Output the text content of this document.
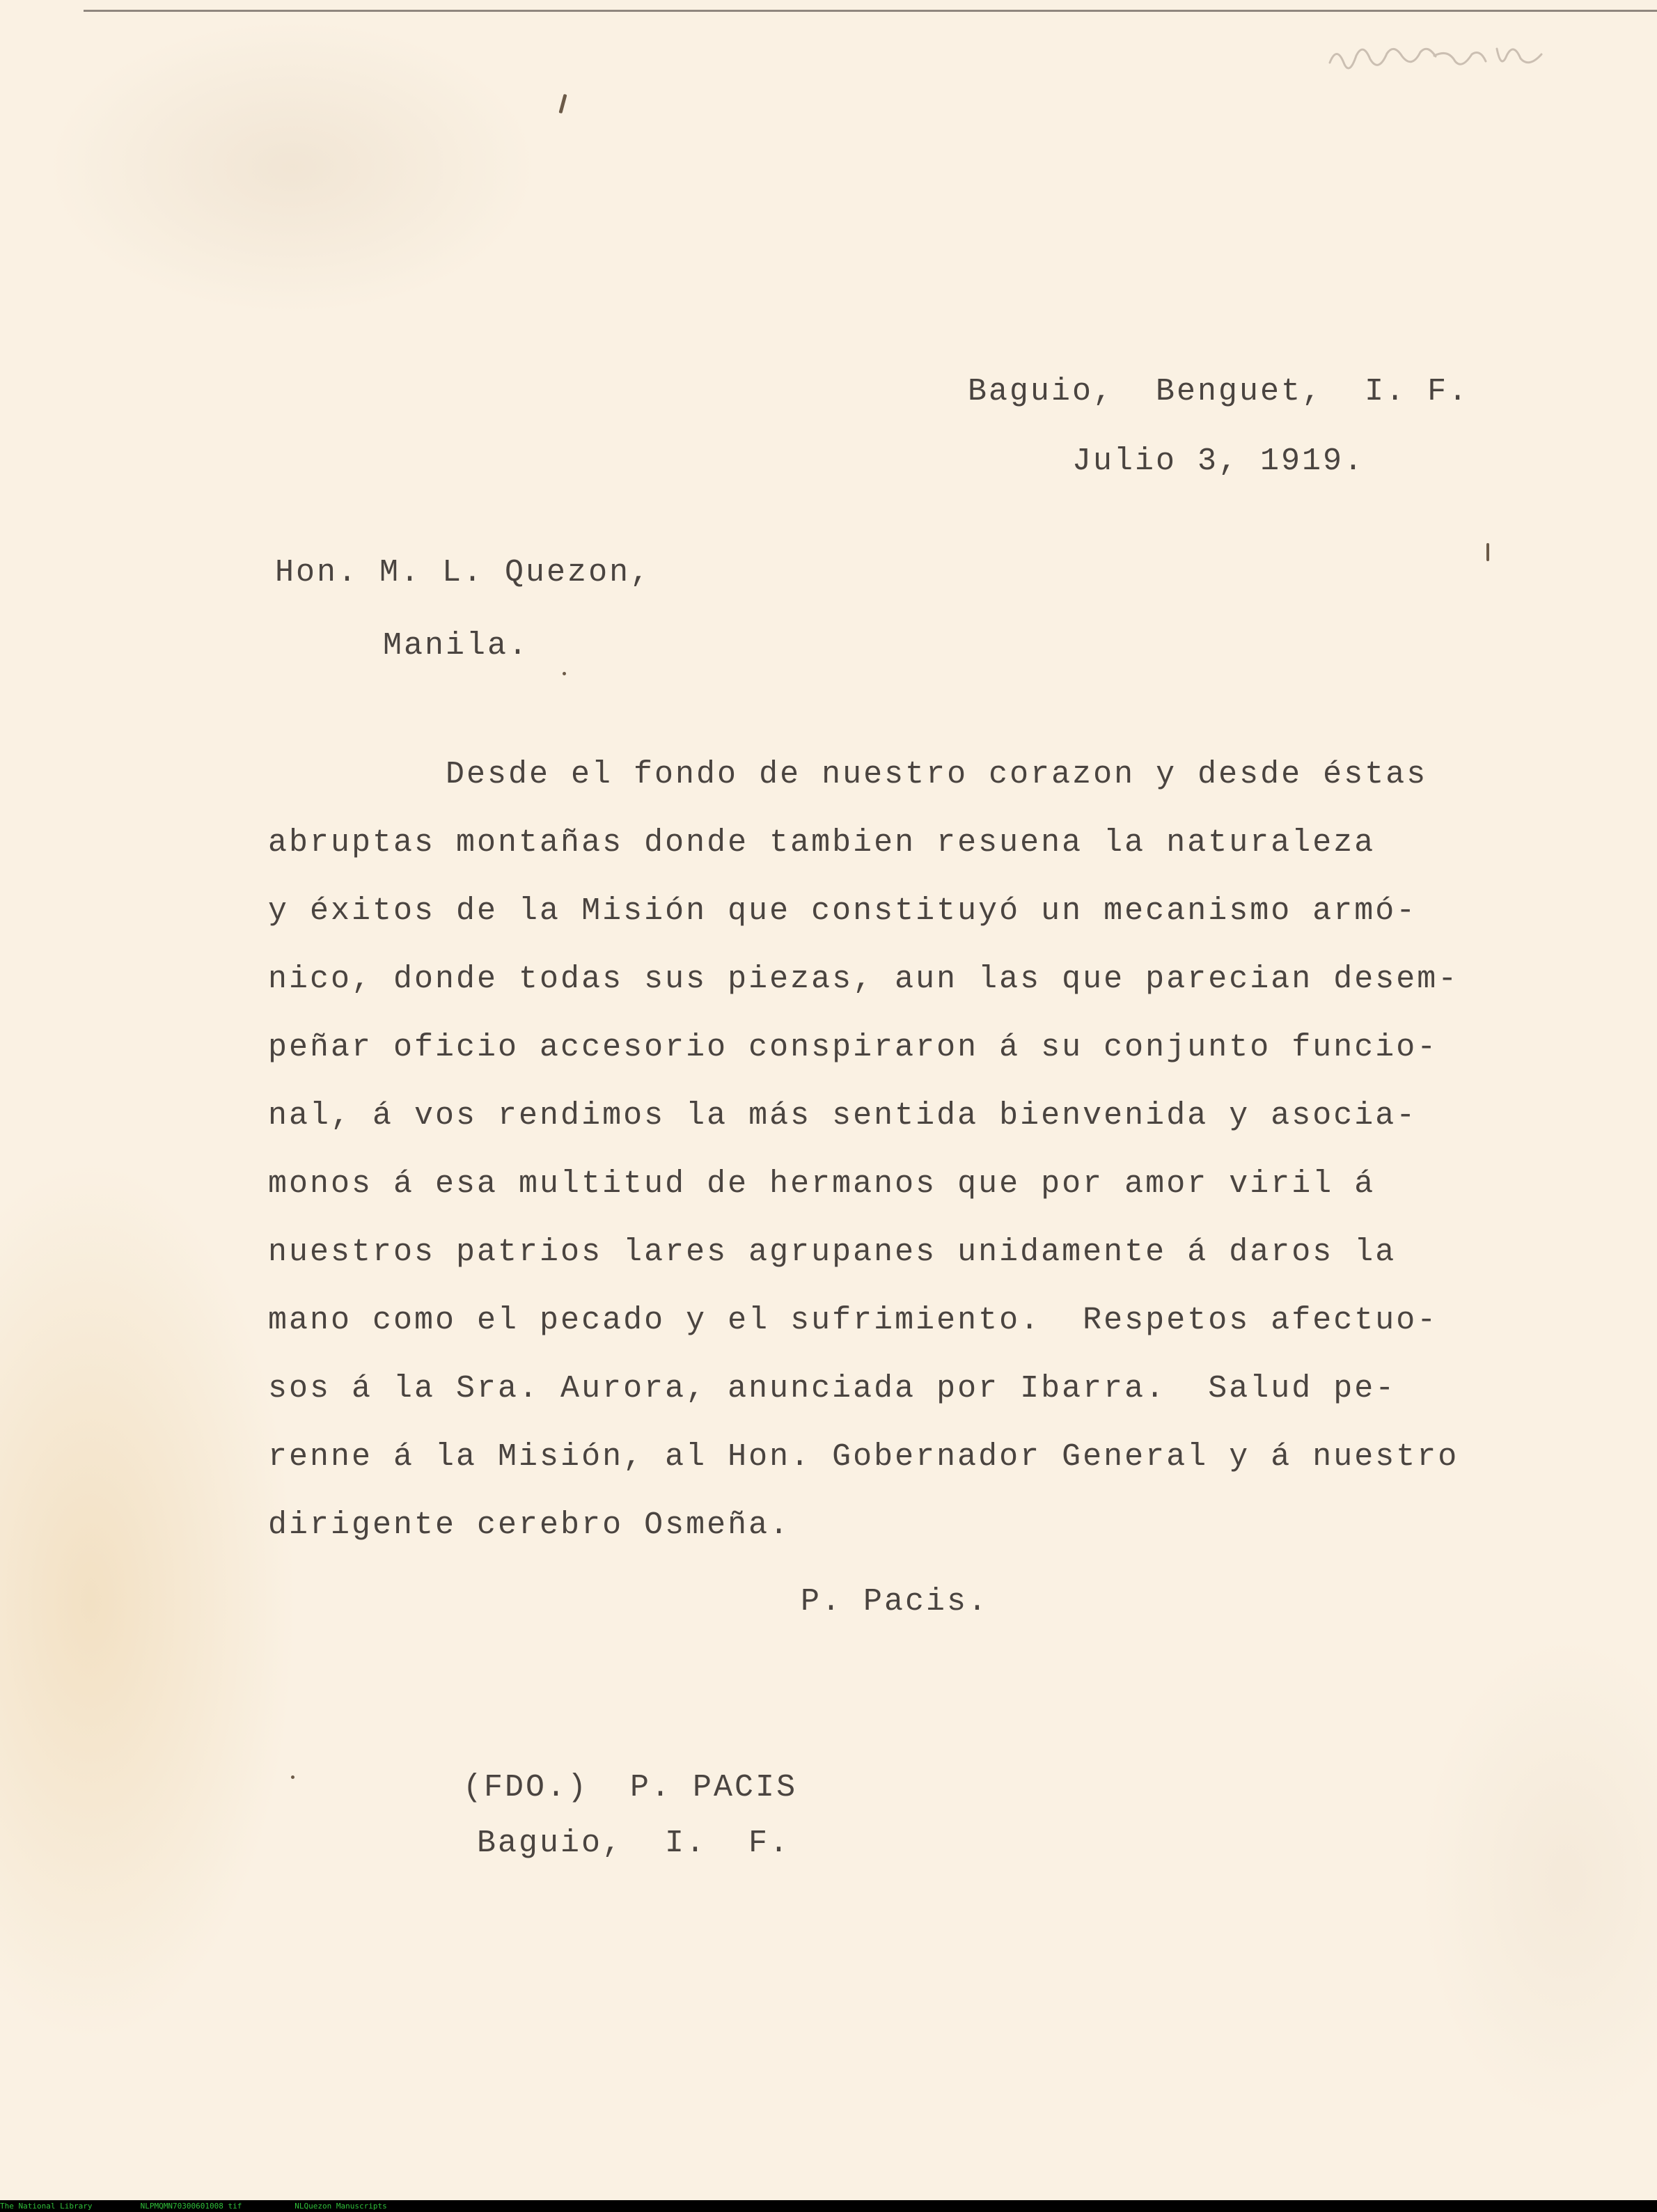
Baguio,  Benguet,  I. F.
Julio 3, 1919.
Hon. M. L. Quezon,
Manila.
Desde el fondo de nuestro corazon y desde éstas
abruptas montañas donde tambien resuena la naturaleza
y éxitos de la Misión que constituyó un mecanismo armó-
nico, donde todas sus piezas, aun las que parecian desem-
peñar oficio accesorio conspiraron á su conjunto funcio-
nal, á vos rendimos la más sentida bienvenida y asocia-
monos á esa multitud de hermanos que por amor viril á
nuestros patrios lares agrupanes unidamente á daros la
mano como el pecado y el sufrimiento.  Respetos afectuo-
sos á la Sra. Aurora, anunciada por Ibarra.  Salud pe-
renne á la Misión, al Hon. Gobernador General y á nuestro
dirigente cerebro Osmeña.
P. Pacis.
(FDO.)  P. PACIS
Baguio,  I.  F.
The National Library	NLPMQMN70300601008 tif	NLQuezon Manuscripts
